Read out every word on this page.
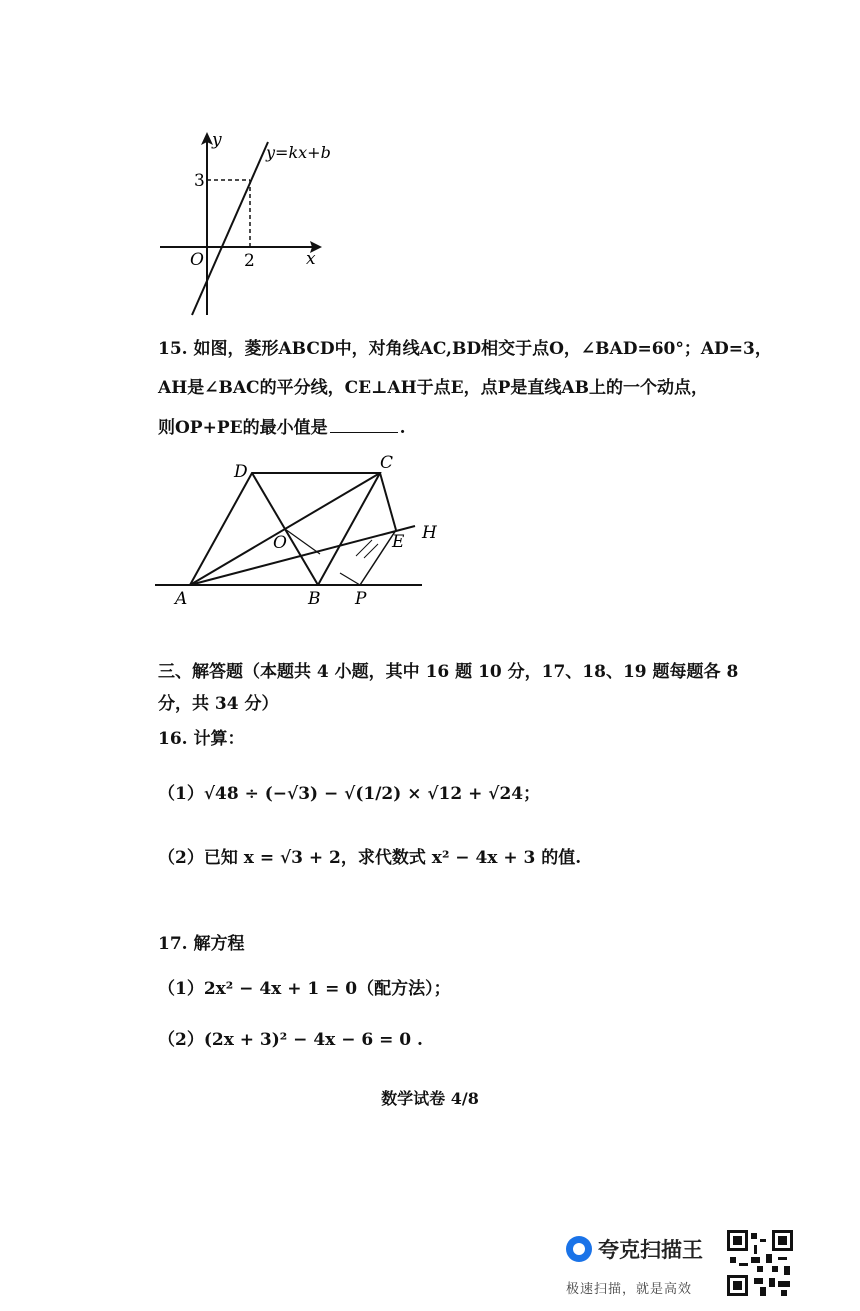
y
x
O
y=kx+b
3
2
15. 如图，菱形ABCD中，对角线AC,BD相交于点O，∠BAD=60°；AD=3，
AH是∠BAC的平分线，CE⊥AH于点E，点P是直线AB上的一个动点，
则OP+PE的最小值是	.
D	C
O	E H
A	B P
三、解答题（本题共 4 小题，其中 16 题 10 分，17、18、19 题每题各 8
分，共 34 分）
16. 计算：
（1）√48 ÷ (−√3) − √(1/2) × √12 + √24；
（2）已知 x = √3 + 2，求代数式 x² − 4x + 3 的值.
17. 解方程
（1）2x² − 4x + 1 = 0（配方法）；
（2）(2x + 3)² − 4x − 6 = 0 .
数学试卷 4/8
夸克扫描王
极速扫描，就是高效
